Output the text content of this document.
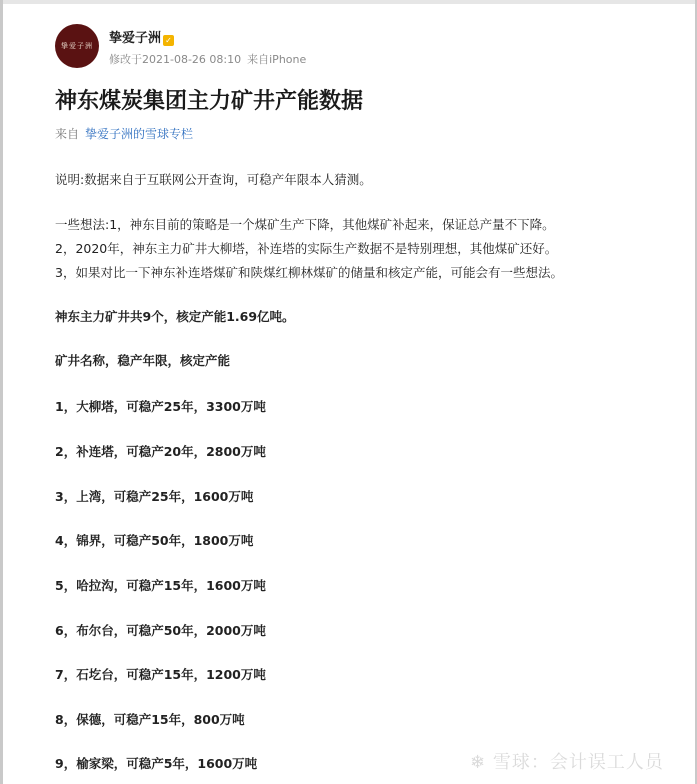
挚爱子洲 挚爱子洲 ✓
修改于2021-08-26 08:10 来自iPhone
神东煤炭集团主力矿井产能数据
来自 挚爱子洲的雪球专栏
说明:数据来自于互联网公开查询，可稳产年限本人猜测。
一些想法:1，神东目前的策略是一个煤矿生产下降，其他煤矿补起来，保证总产量不下降。
2，2020年，神东主力矿井大柳塔，补连塔的实际生产数据不是特别理想，其他煤矿还好。
3，如果对比一下神东补连塔煤矿和陕煤红柳林煤矿的储量和核定产能，可能会有一些想法。
神东主力矿井共9个，核定产能1.69亿吨。
矿井名称，稳产年限，核定产能
1，大柳塔，可稳产25年，3300万吨
2，补连塔，可稳产20年，2800万吨
3，上湾，可稳产25年，1600万吨
4，锦界，可稳产50年，1800万吨
5，哈拉沟，可稳产15年，1600万吨
6，布尔台，可稳产50年，2000万吨
7，石圪台，可稳产15年，1200万吨
8，保德，可稳产15年，800万吨
9，榆家梁，可稳产5年，1600万吨	❄ 雪球：会计误工人员
